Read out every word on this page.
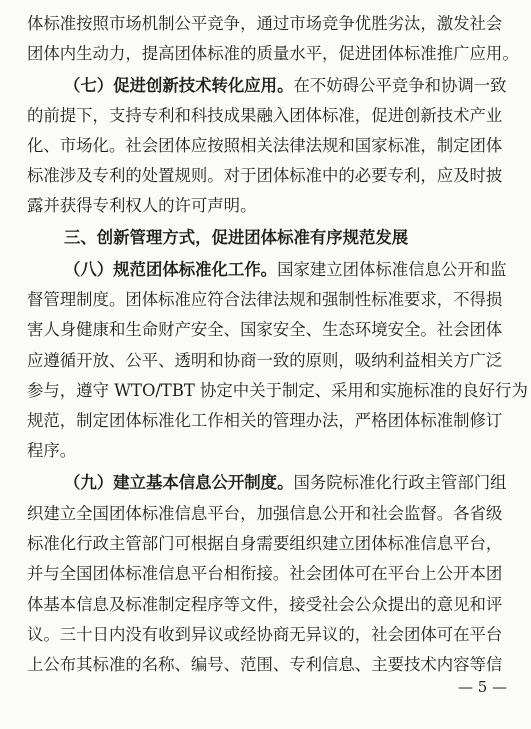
体标准按照市场机制公平竞争，通过市场竞争优胜劣汰，激发社会

团体内生动力，提高团体标准的质量水平，促进团体标准推广应用。

（七）促进创新技术转化应用。在不妨碍公平竞争和协调一致

的前提下，支持专利和科技成果融入团体标准，促进创新技术产业

化、市场化。社会团体应按照相关法律法规和国家标准，制定团体

标准涉及专利的处置规则。对于团体标准中的必要专利，应及时披

露并获得专利权人的许可声明。

三、创新管理方式，促进团体标准有序规范发展

（八）规范团体标准化工作。国家建立团体标准信息公开和监

督管理制度。团体标准应符合法律法规和强制性标准要求，不得损

害人身健康和生命财产安全、国家安全、生态环境安全。社会团体

应遵循开放、公平、透明和协商一致的原则，吸纳利益相关方广泛

参与，遵守 WTO/TBT 协定中关于制定、采用和实施标准的良好行为

规范，制定团体标准化工作相关的管理办法，严格团体标准制修订

程序。

（九）建立基本信息公开制度。国务院标准化行政主管部门组

织建立全国团体标准信息平台，加强信息公开和社会监督。各省级

标准化行政主管部门可根据自身需要组织建立团体标准信息平台，

并与全国团体标准信息平台相衔接。社会团体可在平台上公开本团

体基本信息及标准制定程序等文件，接受社会公众提出的意见和评

议。三十日内没有收到异议或经协商无异议的，社会团体可在平台

上公布其标准的名称、编号、范围、专利信息、主要技术内容等信

— 5 —
